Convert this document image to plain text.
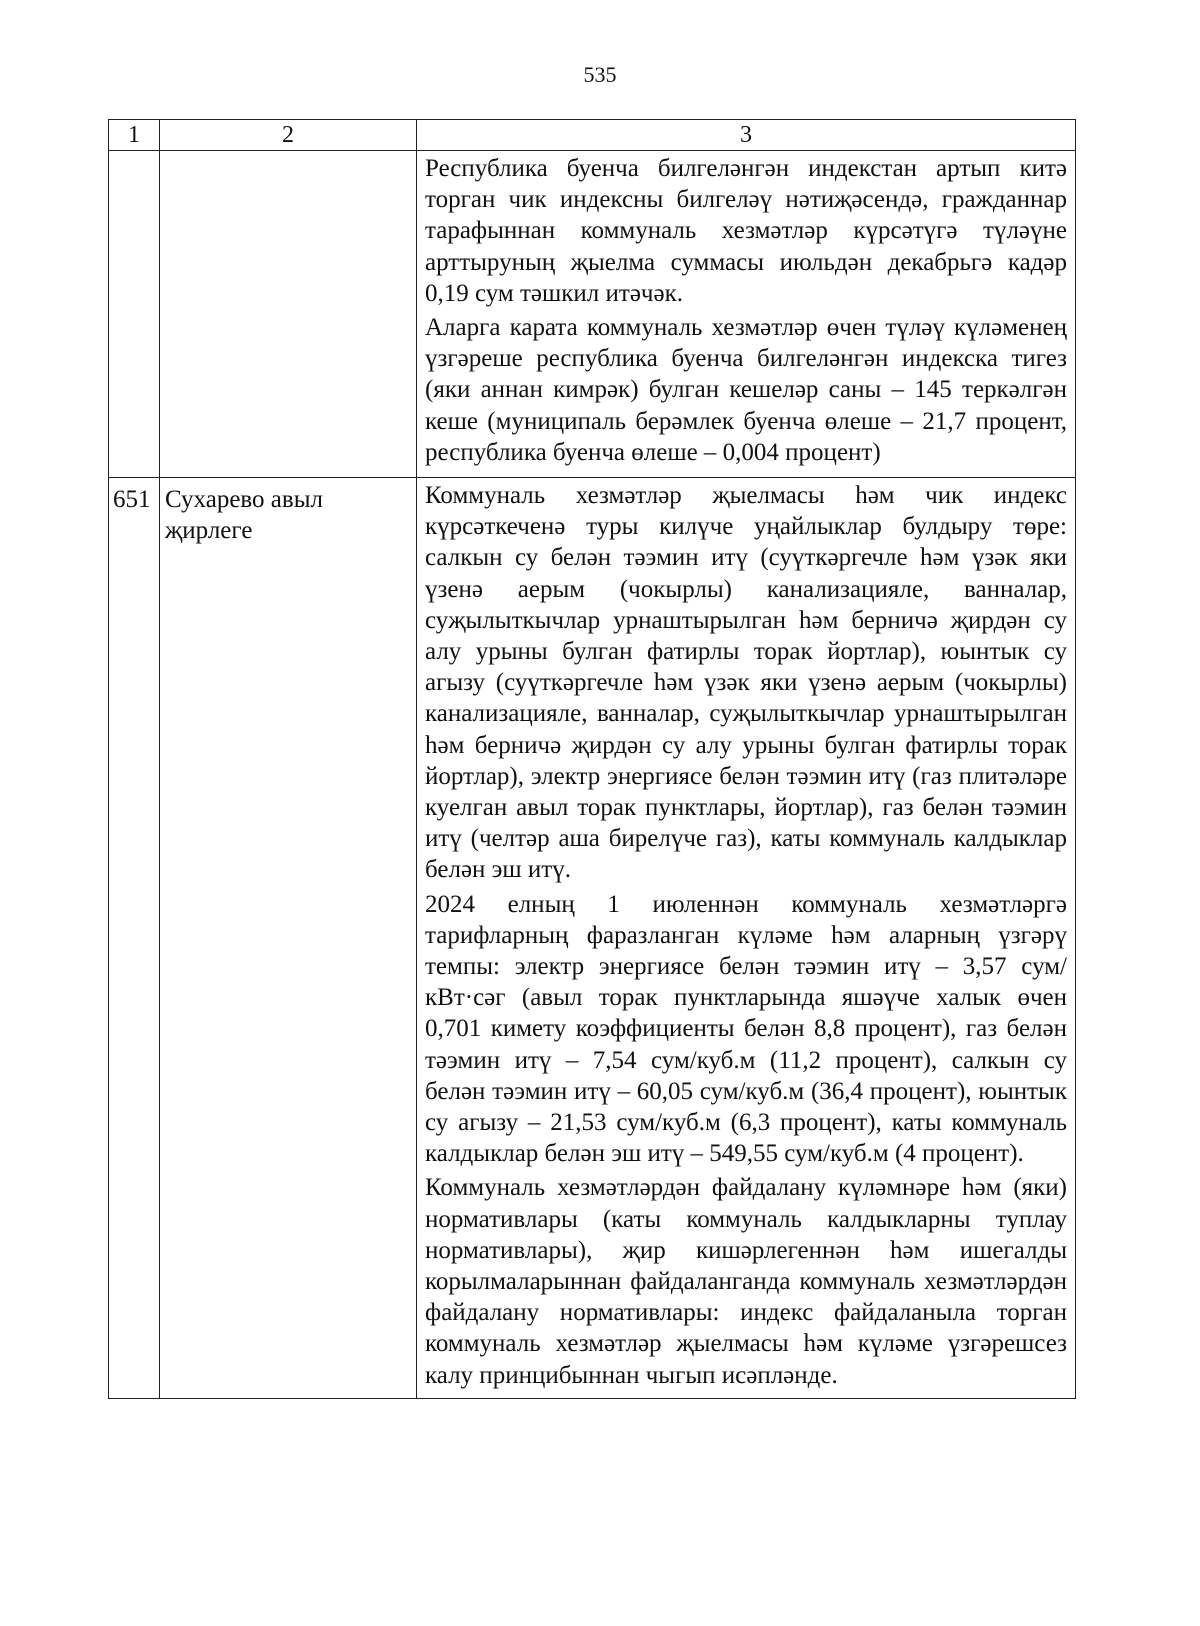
535
1	2	3

		Республика буенча билгеләнгән индекстан артып китә торган чик индексны билгеләү нәтиҗәсендә, гражданнар тарафыннан коммуналь хезмәтләр күрсәтүгә түләүне арттыруның җыелма суммасы июльдән декабрьгә кадәр 0,19 сум тәшкил итәчәк.

Аларга карата коммуналь хезмәтләр өчен түләү күләменең үзгәреше республика буенча билгеләнгән индекска тигез (яки аннан кимрәк) булган кешеләр саны – 145 теркәлгән кеше (муниципаль берәмлек буенча өлеше – 21,7 процент, республика буенча өлеше – 0,004 процент)

651	Сухарево авыл җирлеге	Коммуналь хезмәтләр җыелмасы һәм чик индекс күрсәткеченә туры килүче уңайлыклар булдыру төре: салкын су белән тәэмин итү (суүткәргечле һәм үзәк яки үзенә аерым (чокырлы) канализацияле, ванналар, суҗылыткычлар урнаштырылган һәм берничә җирдән су алу урыны булган фатирлы торак йортлар), юынтык су агызу (суүткәргечле һәм үзәк яки үзенә аерым (чокырлы) канализацияле, ванналар, суҗылыткычлар урнаштырылган һәм берничә җирдән су алу урыны булган фатирлы торак йортлар), электр энергиясе белән тәэмин итү (газ плитәләре куелган авыл торак пунктлары, йортлар), газ белән тәэмин итү (челтәр аша бирелүче газ), каты коммуналь калдыклар белән эш итү.

2024 елның 1 июленнән коммуналь хезмәтләргә тарифларның фаразланган күләме һәм аларның үзгәрү темпы: электр энергиясе белән тәэмин итү – 3,57 сум/кВт·сәг (авыл торак пунктларында яшәүче халык өчен 0,701 кимету коэффициенты белән 8,8 процент), газ белән тәэмин итү – 7,54 сум/куб.м (11,2 процент), салкын су белән тәэмин итү – 60,05 сум/куб.м (36,4 процент), юынтык су агызу – 21,53 сум/куб.м (6,3 процент), каты коммуналь калдыклар белән эш итү – 549,55 сум/куб.м (4 процент).

Коммуналь хезмәтләрдән файдалану күләмнәре һәм (яки) нормативлары (каты коммуналь калдыкларны туплау нормативлары), җир кишәрлегеннән һәм ишегалды корылмаларыннан файдаланганда коммуналь хезмәтләрдән файдалану нормативлары: индекс файдаланыла торган коммуналь хезмәтләр җыелмасы һәм күләме үзгәрешсез калу принцибыннан чыгып исәпләнде.
